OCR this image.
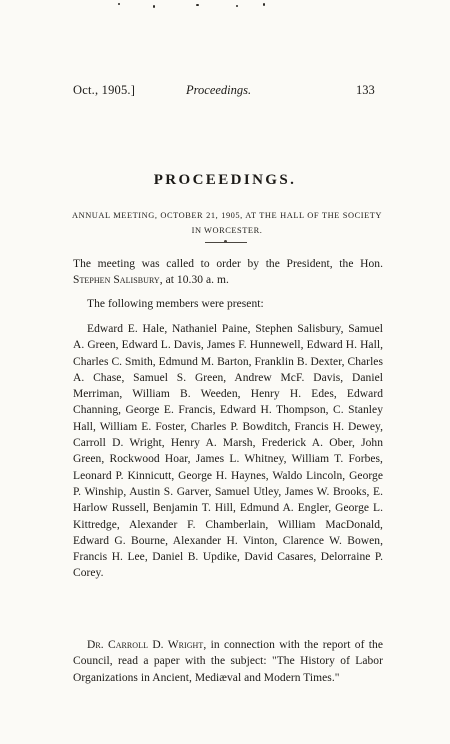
Oct., 1905.]	Proceedings.	133
PROCEEDINGS.
ANNUAL MEETING, OCTOBER 21, 1905, AT THE HALL OF THE SOCIETY IN WORCESTER.
The meeting was called to order by the President, the Hon. Stephen Salisbury, at 10.30 a. m.
The following members were present:
Edward E. Hale, Nathaniel Paine, Stephen Salisbury, Samuel A. Green, Edward L. Davis, James F. Hunnewell, Edward H. Hall, Charles C. Smith, Edmund M. Barton, Franklin B. Dexter, Charles A. Chase, Samuel S. Green, Andrew McF. Davis, Daniel Merriman, William B. Weeden, Henry H. Edes, Edward Channing, George E. Francis, Edward H. Thompson, C. Stanley Hall, William E. Foster, Charles P. Bowditch, Francis H. Dewey, Carroll D. Wright, Henry A. Marsh, Frederick A. Ober, John Green, Rockwood Hoar, James L. Whitney, William T. Forbes, Leonard P. Kinnicutt, George H. Haynes, Waldo Lincoln, George P. Winship, Austin S. Garver, Samuel Utley, James W. Brooks, E. Harlow Russell, Benjamin T. Hill, Edmund A. Engler, George L. Kittredge, Alexander F. Chamberlain, William MacDonald, Edward G. Bourne, Alexander H. Vinton, Clarence W. Bowen, Francis H. Lee, Daniel B. Updike, David Casares, Delorraine P. Corey.
Dr. Carroll D. Wright, in connection with the report of the Council, read a paper with the subject: "The History of Labor Organizations in Ancient, Mediæval and Modern Times."
